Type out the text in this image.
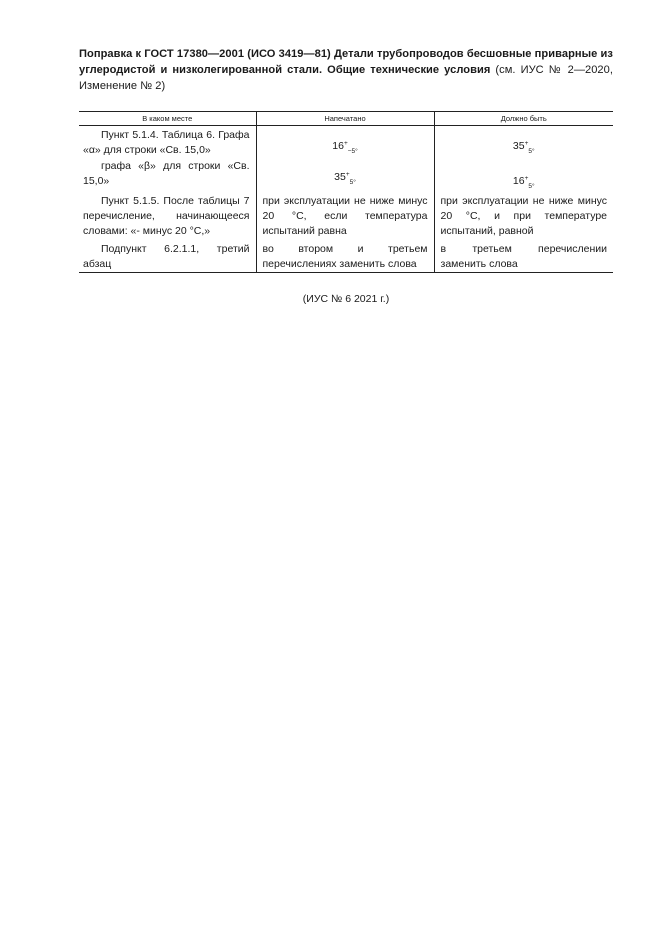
Поправка к ГОСТ 17380—2001 (ИСО 3419—81) Детали трубопроводов бесшовные приварные из углеродистой и низколегированной стали. Общие технические условия (см. ИУС № 2—2020, Изменение № 2)

В каком месте	Напечатано	Должно быть
Пункт 5.1.4. Таблица 6. Графа «α» для строки «Св. 15,0»	$16^+_{-5^\circ}$	$35^+_{5^\circ}$
графа «β» для строки «Св. 15,0»	$35^+_{5^\circ}$	$16^+_{5^\circ}$
Пункт 5.1.5. После таблицы 7 перечисление, начинающееся словами: «- минус 20 °С,»	при эксплуатации не ниже минус 20 °С, если температура испытаний равна	при эксплуатации не ниже минус 20 °С, и при температуре испытаний, равной
Подпункт 6.2.1.1, третий абзац	во втором и третьем перечислениях заменить слова	в третьем перечислении заменить слова
(ИУС № 6 2021 г.)
